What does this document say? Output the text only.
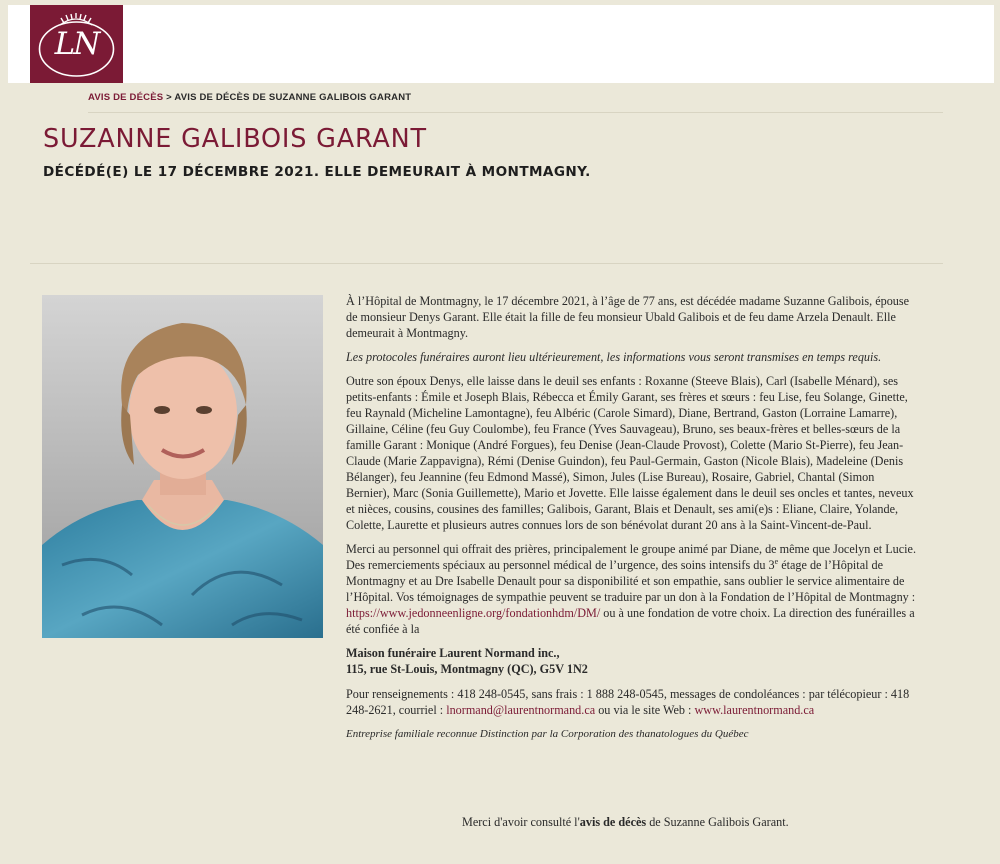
LN
AVIS DE DÉCÈS > AVIS DE DÉCÈS DE SUZANNE GALIBOIS GARANT
SUZANNE GALIBOIS GARANT
DÉCÉDÉ(E) LE 17 DÉCEMBRE 2021. ELLE DEMEURAIT À MONTMAGNY.

À l’Hôpital de Montmagny, le 17 décembre 2021, à l’âge de 77 ans, est décédée madame Suzanne Galibois, épouse de monsieur Denys Garant. Elle était la fille de feu monsieur Ubald Galibois et de feu dame Arzela Denault. Elle demeurait à Montmagny.

Les protocoles funéraires auront lieu ultérieurement, les informations vous seront transmises en temps requis.

Outre son époux Denys, elle laisse dans le deuil ses enfants : Roxanne (Steeve Blais), Carl (Isabelle Ménard), ses petits-enfants : Émile et Joseph Blais, Rébecca et Émily Garant, ses frères et sœurs : feu Lise, feu Solange, Ginette, feu Raynald (Micheline Lamontagne), feu Albéric (Carole Simard), Diane, Bertrand, Gaston (Lorraine Lamarre), Gillaine, Céline (feu Guy Coulombe), feu France (Yves Sauvageau), Bruno, ses beaux-frères et belles-sœurs de la famille Garant : Monique (André Forgues), feu Denise (Jean-Claude Provost), Colette (Mario St-Pierre), feu Jean-Claude (Marie Zappavigna), Rémi (Denise Guindon), feu Paul-Germain, Gaston (Nicole Blais), Madeleine (Denis Bélanger), feu Jeannine (feu Edmond Massé), Simon, Jules (Lise Bureau), Rosaire, Gabriel, Chantal (Simon Bernier), Marc (Sonia Guillemette), Mario et Jovette. Elle laisse également dans le deuil ses oncles et tantes, neveux et nièces, cousins, cousines des familles; Galibois, Garant, Blais et Denault, ses ami(e)s : Eliane, Claire, Yolande, Colette, Laurette et plusieurs autres connues lors de son bénévolat durant 20 ans à la Saint-Vincent-de-Paul.

Merci au personnel qui offrait des prières, principalement le groupe animé par Diane, de même que Jocelyn et Lucie. Des remerciements spéciaux au personnel médical de l’urgence, des soins intensifs du 3e étage de l’Hôpital de Montmagny et au Dre Isabelle Denault pour sa disponibilité et son empathie, sans oublier le service alimentaire de l’Hôpital. Vos témoignages de sympathie peuvent se traduire par un don à la Fondation de l’Hôpital de Montmagny : https://www.jedonneenligne.org/fondationhdm/DM/ ou à une fondation de votre choix. La direction des funérailles a été confiée à la

Maison funéraire Laurent Normand inc.,
115, rue St-Louis, Montmagny (QC), G5V 1N2

Pour renseignements : 418 248-0545, sans frais : 1 888 248-0545, messages de condoléances : par télécopieur : 418 248-2621, courriel : lnormand@laurentnormand.ca ou via le site Web : www.laurentnormand.ca

Entreprise familiale reconnue Distinction par la Corporation des thanatologues du Québec

Merci d'avoir consulté l'avis de décès de Suzanne Galibois Garant.
